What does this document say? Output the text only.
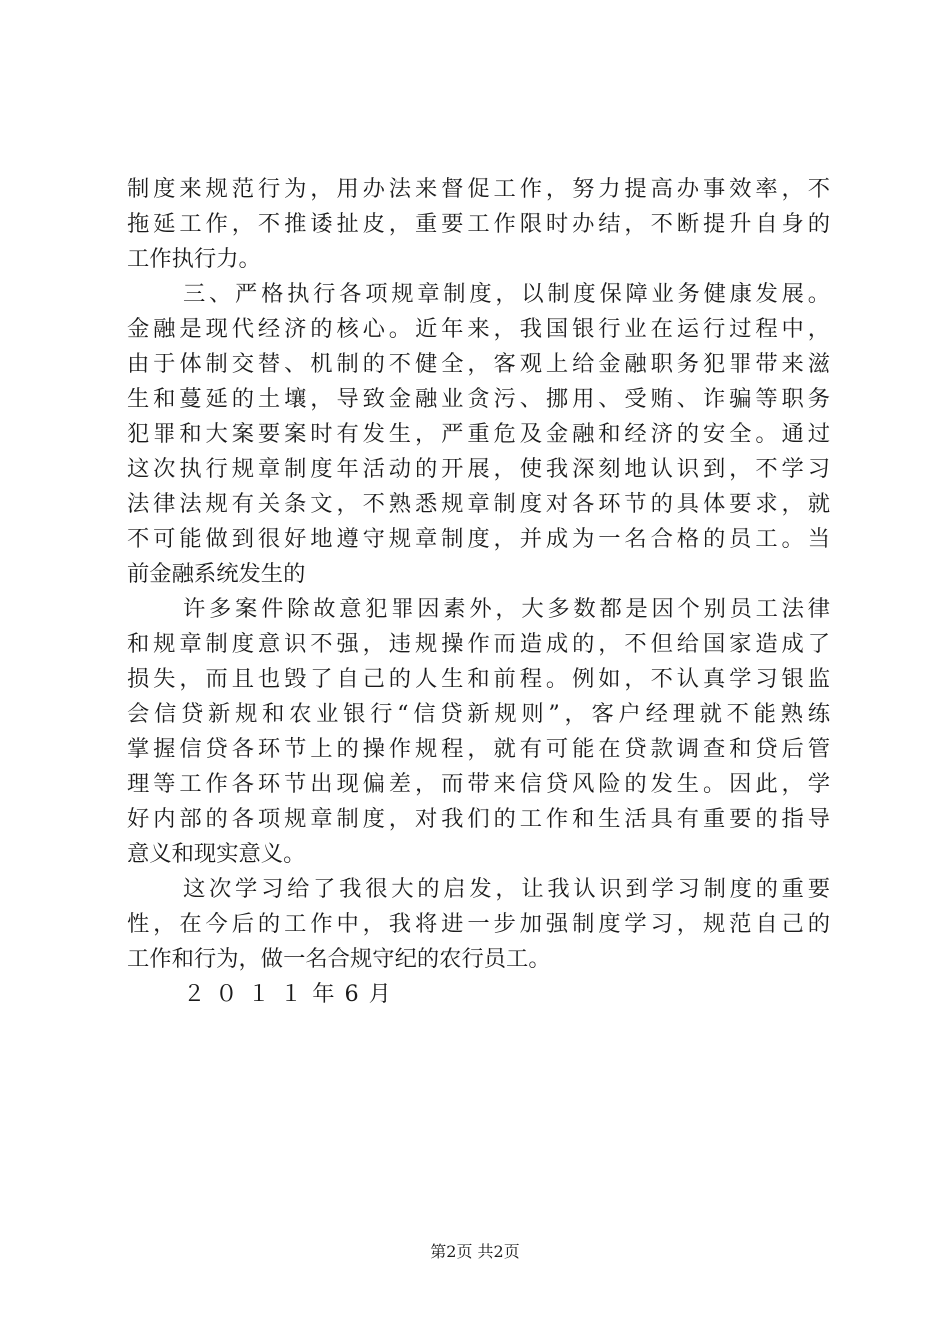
制度来规范行为，用办法来督促工作，努力提高办事效率，不
拖延工作，不推诿扯皮，重要工作限时办结，不断提升自身的
工作执行力。
三、严格执行各项规章制度，以制度保障业务健康发展。
金融是现代经济的核心。近年来，我国银行业在运行过程中，
由于体制交替、机制的不健全，客观上给金融职务犯罪带来滋
生和蔓延的土壤，导致金融业贪污、挪用、受贿、诈骗等职务
犯罪和大案要案时有发生，严重危及金融和经济的安全。通过
这次执行规章制度年活动的开展，使我深刻地认识到，不学习
法律法规有关条文，不熟悉规章制度对各环节的具体要求，就
不可能做到很好地遵守规章制度，并成为一名合格的员工。当
前金融系统发生的
许多案件除故意犯罪因素外，大多数都是因个别员工法律
和规章制度意识不强，违规操作而造成的，不但给国家造成了
损失，而且也毁了自己的人生和前程。例如，不认真学习银监
会信贷新规和农业银行“信贷新规则”，客户经理就不能熟练
掌握信贷各环节上的操作规程，就有可能在贷款调查和贷后管
理等工作各环节出现偏差，而带来信贷风险的发生。因此，学
好内部的各项规章制度，对我们的工作和生活具有重要的指导
意义和现实意义。
这次学习给了我很大的启发，让我认识到学习制度的重要
性，在今后的工作中，我将进一步加强制度学习，规范自己的
工作和行为，做一名合规守纪的农行员工。
２０１１年6月
第2页 共2页
